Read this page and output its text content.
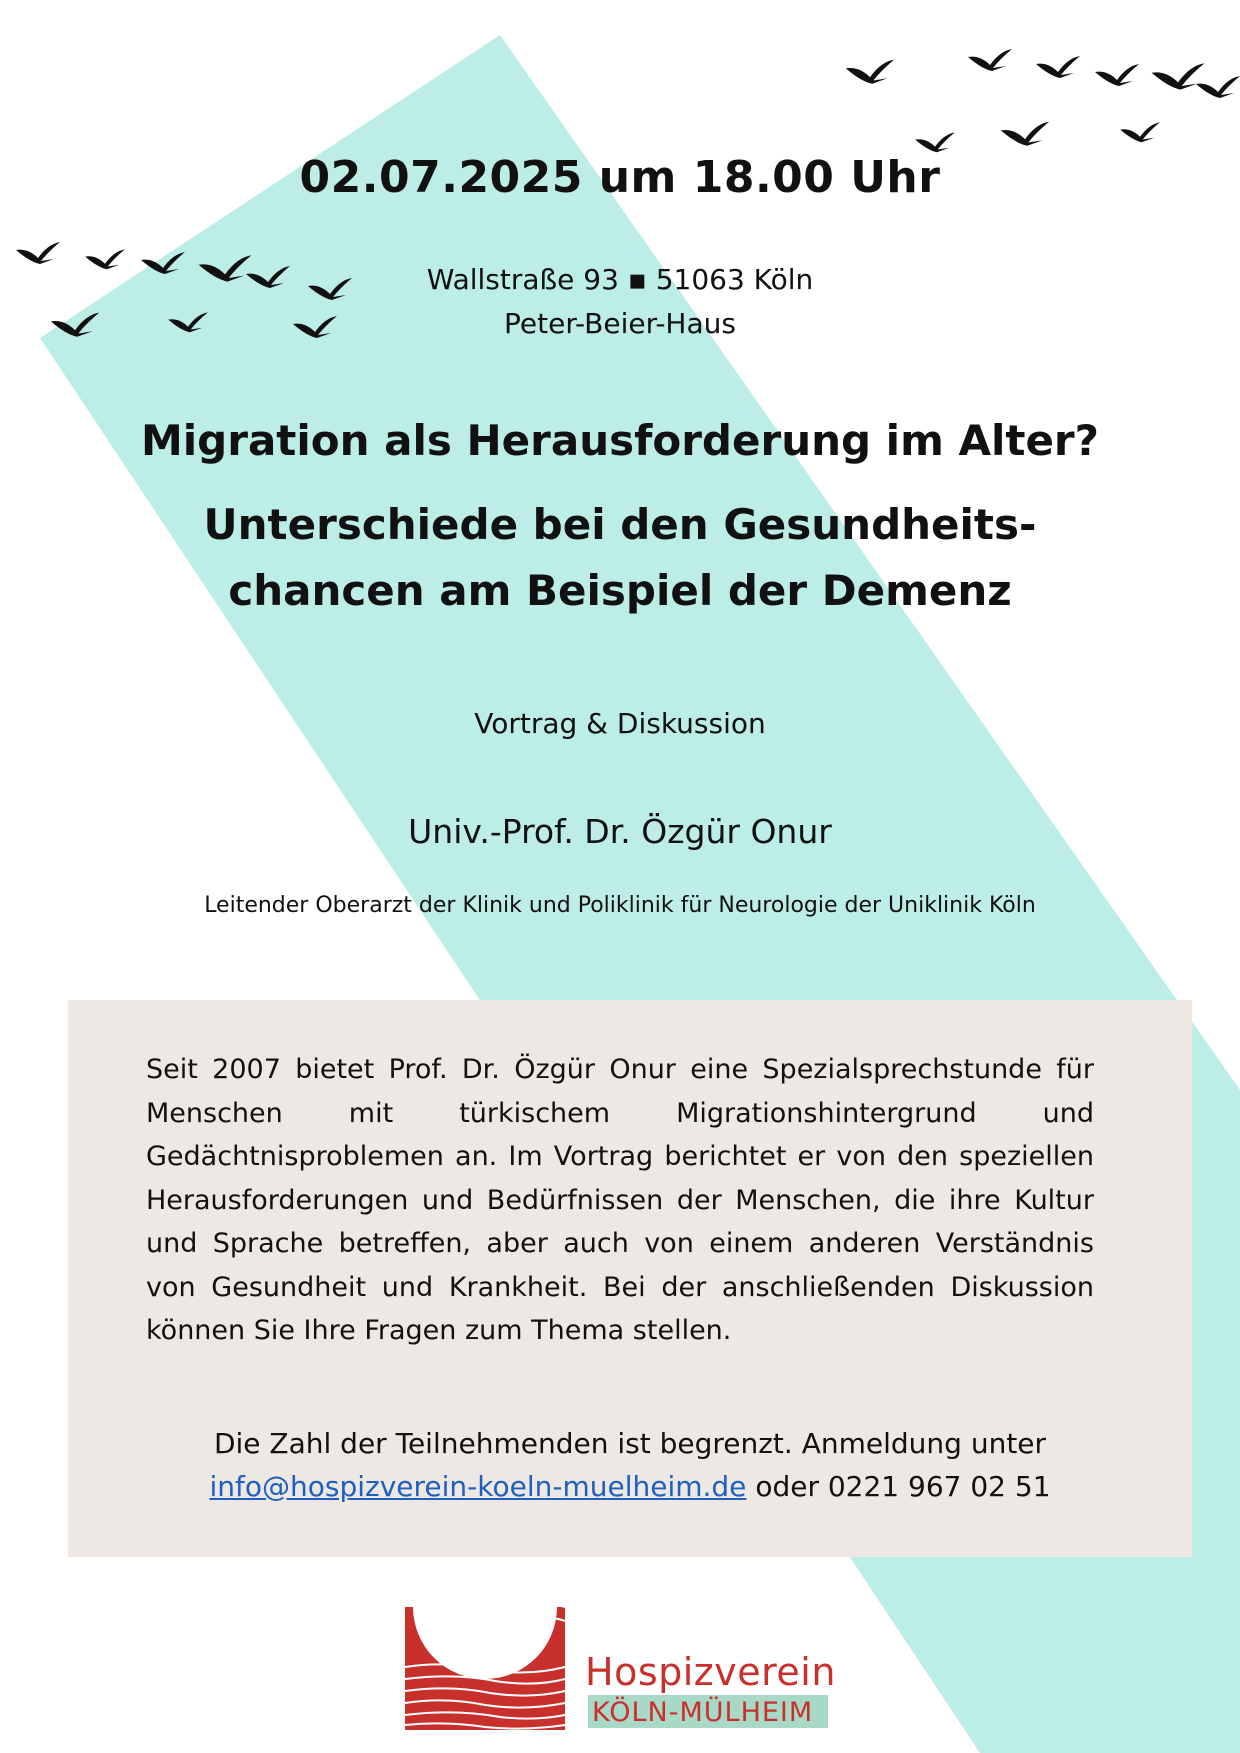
02.07.2025 um 18.00 Uhr
Wallstraße 93 ▪ 51063 Köln
Peter-Beier-Haus
Migration als Herausforderung im Alter?
Unterschiede bei den Gesundheits-
chancen am Beispiel der Demenz
Vortrag & Diskussion
Univ.-Prof. Dr. Özgür Onur
Leitender Oberarzt der Klinik und Poliklinik für Neurologie der Uniklinik Köln
Seit 2007 bietet Prof. Dr. Özgür Onur eine Spezialsprechstunde für Menschen mit türkischem Migrationshintergrund und Gedächtnisproblemen an. Im Vortrag berichtet er von den speziellen Herausforderungen und Bedürfnissen der Menschen, die ihre Kultur und Sprache betreffen, aber auch von einem anderen Verständnis von Gesundheit und Krankheit. Bei der anschließenden Diskussion können Sie Ihre Fragen zum Thema stellen.
Die Zahl der Teilnehmenden ist begrenzt. Anmeldung unter
info@hospizverein-koeln-muelheim.de oder 0221 967 02 51
Hospizverein
KÖLN-MÜLHEIM
